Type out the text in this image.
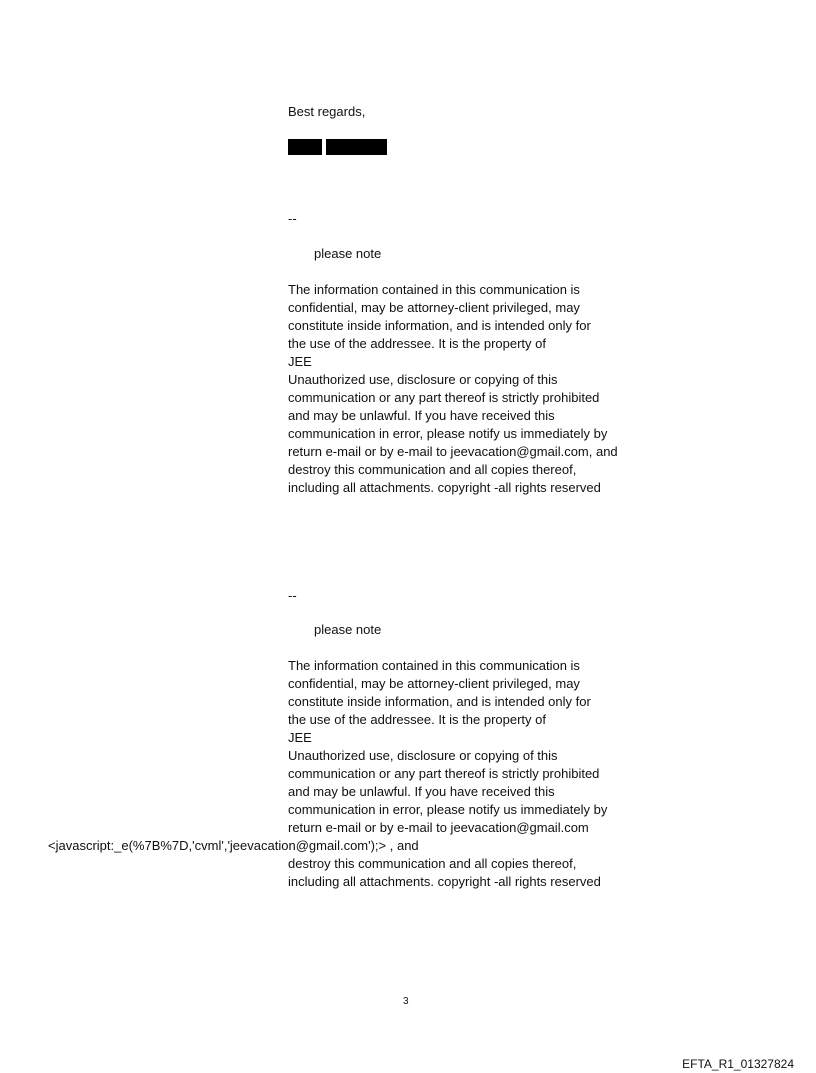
Best regards,
--
please note
The information contained in this communication is
confidential, may be attorney-client privileged, may
constitute inside information, and is intended only for
the use of the addressee. It is the property of
JEE
Unauthorized use, disclosure or copying of this
communication or any part thereof is strictly prohibited
and may be unlawful. If you have received this
communication in error, please notify us immediately by
return e-mail or by e-mail to jeevacation@gmail.com, and
destroy this communication and all copies thereof,
including all attachments. copyright -all rights reserved
--
please note
The information contained in this communication is
confidential, may be attorney-client privileged, may
constitute inside information, and is intended only for
the use of the addressee. It is the property of
JEE
Unauthorized use, disclosure or copying of this
communication or any part thereof is strictly prohibited
and may be unlawful. If you have received this
communication in error, please notify us immediately by
return e-mail or by e-mail to jeevacation@gmail.com
<javascript:_e(%7B%7D,'cvml','jeevacation@gmail.com');> , and
destroy this communication and all copies thereof,
including all attachments. copyright -all rights reserved
3
EFTA_R1_01327824
